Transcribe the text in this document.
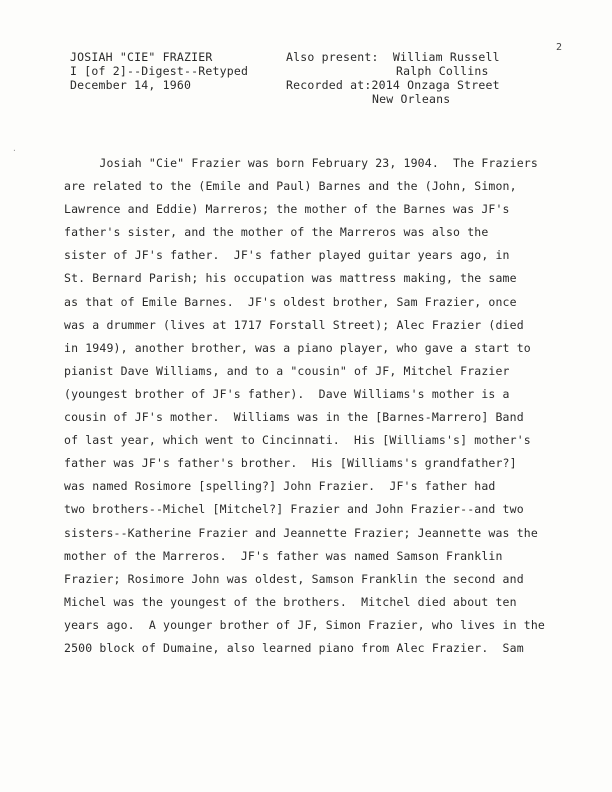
2
·
JOSIAH "CIE" FRAZIER
I [of 2]--Digest--Retyped
December 14, 1960
Also present: William Russell
Ralph Collins
Recorded at:2014 Onzaga Street
New Orleans
Josiah "Cie" Frazier was born February 23, 1904.  The Fraziers
are related to the (Emile and Paul) Barnes and the (John, Simon,
Lawrence and Eddie) Marreros; the mother of the Barnes was JF's
father's sister, and the mother of the Marreros was also the
sister of JF's father.  JF's father played guitar years ago, in
St. Bernard Parish; his occupation was mattress making, the same
as that of Emile Barnes.  JF's oldest brother, Sam Frazier, once
was a drummer (lives at 1717 Forstall Street); Alec Frazier (died
in 1949), another brother, was a piano player, who gave a start to
pianist Dave Williams, and to a "cousin" of JF, Mitchel Frazier
(youngest brother of JF's father).  Dave Williams's mother is a
cousin of JF's mother.  Williams was in the [Barnes-Marrero] Band
of last year, which went to Cincinnati.  His [Williams's] mother's
father was JF's father's brother.  His [Williams's grandfather?]
was named Rosimore [spelling?] John Frazier.  JF's father had
two brothers--Michel [Mitchel?] Frazier and John Frazier--and two
sisters--Katherine Frazier and Jeannette Frazier; Jeannette was the
mother of the Marreros.  JF's father was named Samson Franklin
Frazier; Rosimore John was oldest, Samson Franklin the second and
Michel was the youngest of the brothers.  Mitchel died about ten
years ago.  A younger brother of JF, Simon Frazier, who lives in the
2500 block of Dumaine, also learned piano from Alec Frazier.  Sam
